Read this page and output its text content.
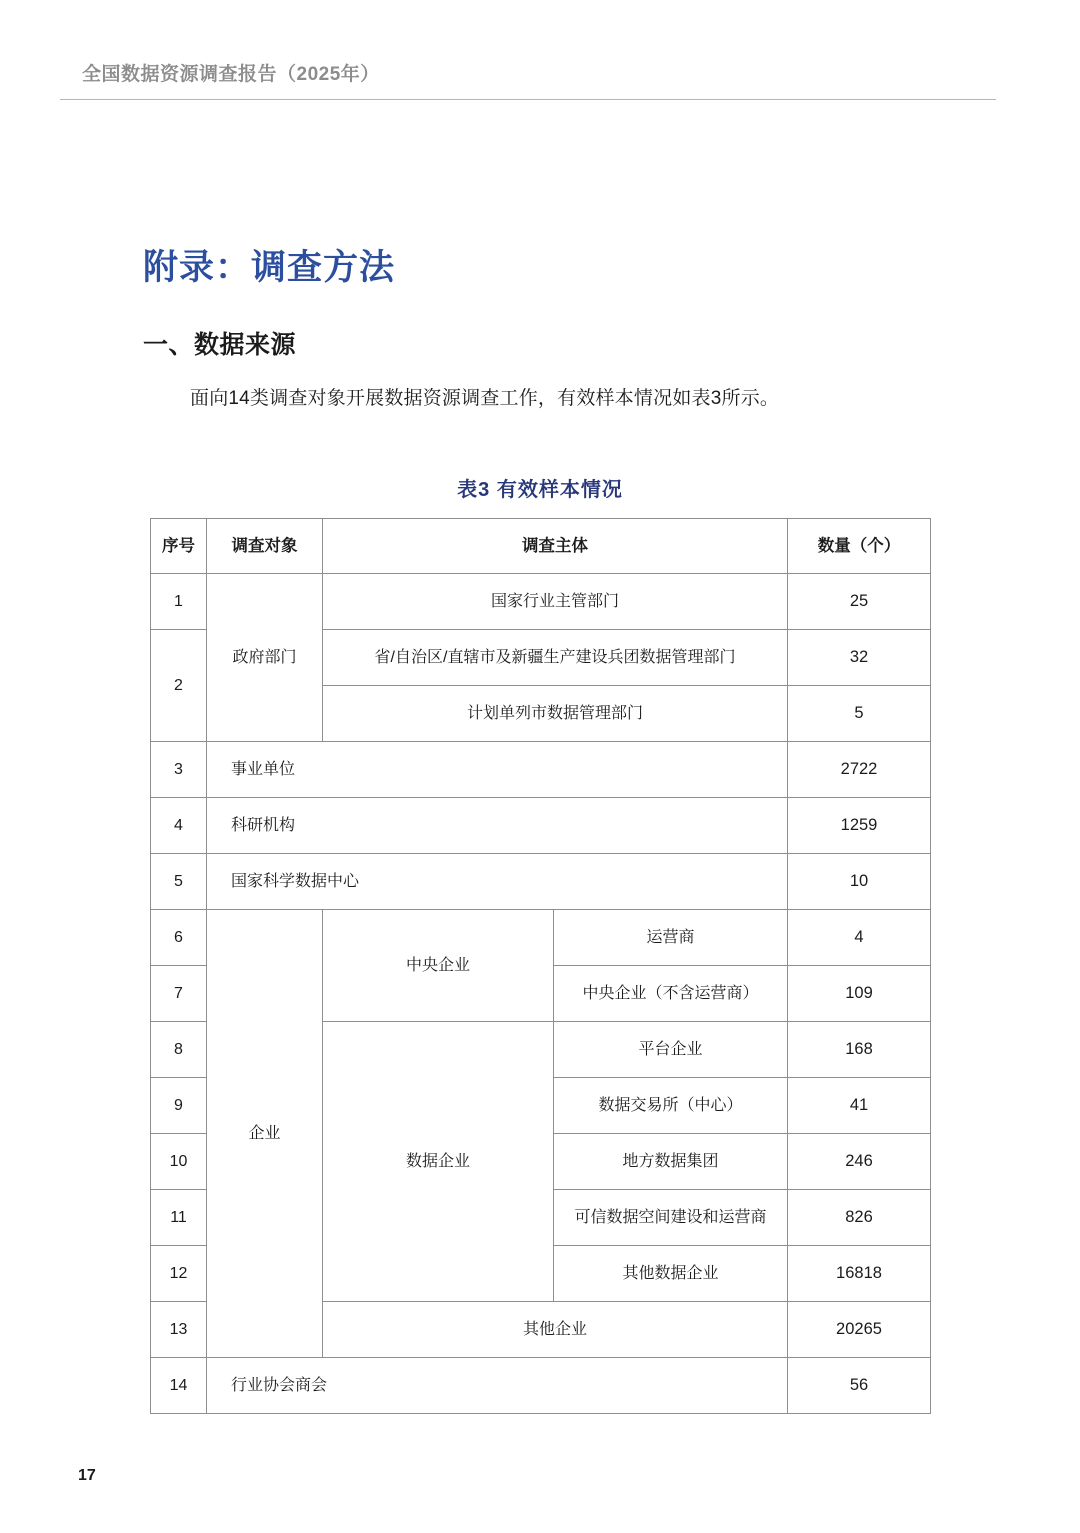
全国数据资源调查报告（2025年）
附录：调查方法
一、数据来源
面向14类调查对象开展数据资源调查工作，有效样本情况如表3所示。
表3 有效样本情况
序号	调查对象	调查主体		数量（个）
1	政府部门	国家行业主管部门		25
2		省/自治区/直辖市及新疆生产建设兵团数据管理部门		32
		计划单列市数据管理部门		5
3	事业单位			2722
4	科研机构			1259
5	国家科学数据中心			10
6	企业	中央企业	运营商	4
7			中央企业（不含运营商）	109
8		数据企业	平台企业	168
9			数据交易所（中心）	41
10			地方数据集团	246
11			可信数据空间建设和运营商	826
12			其他数据企业	16818
13		其他企业		20265
14	行业协会商会			56
17
